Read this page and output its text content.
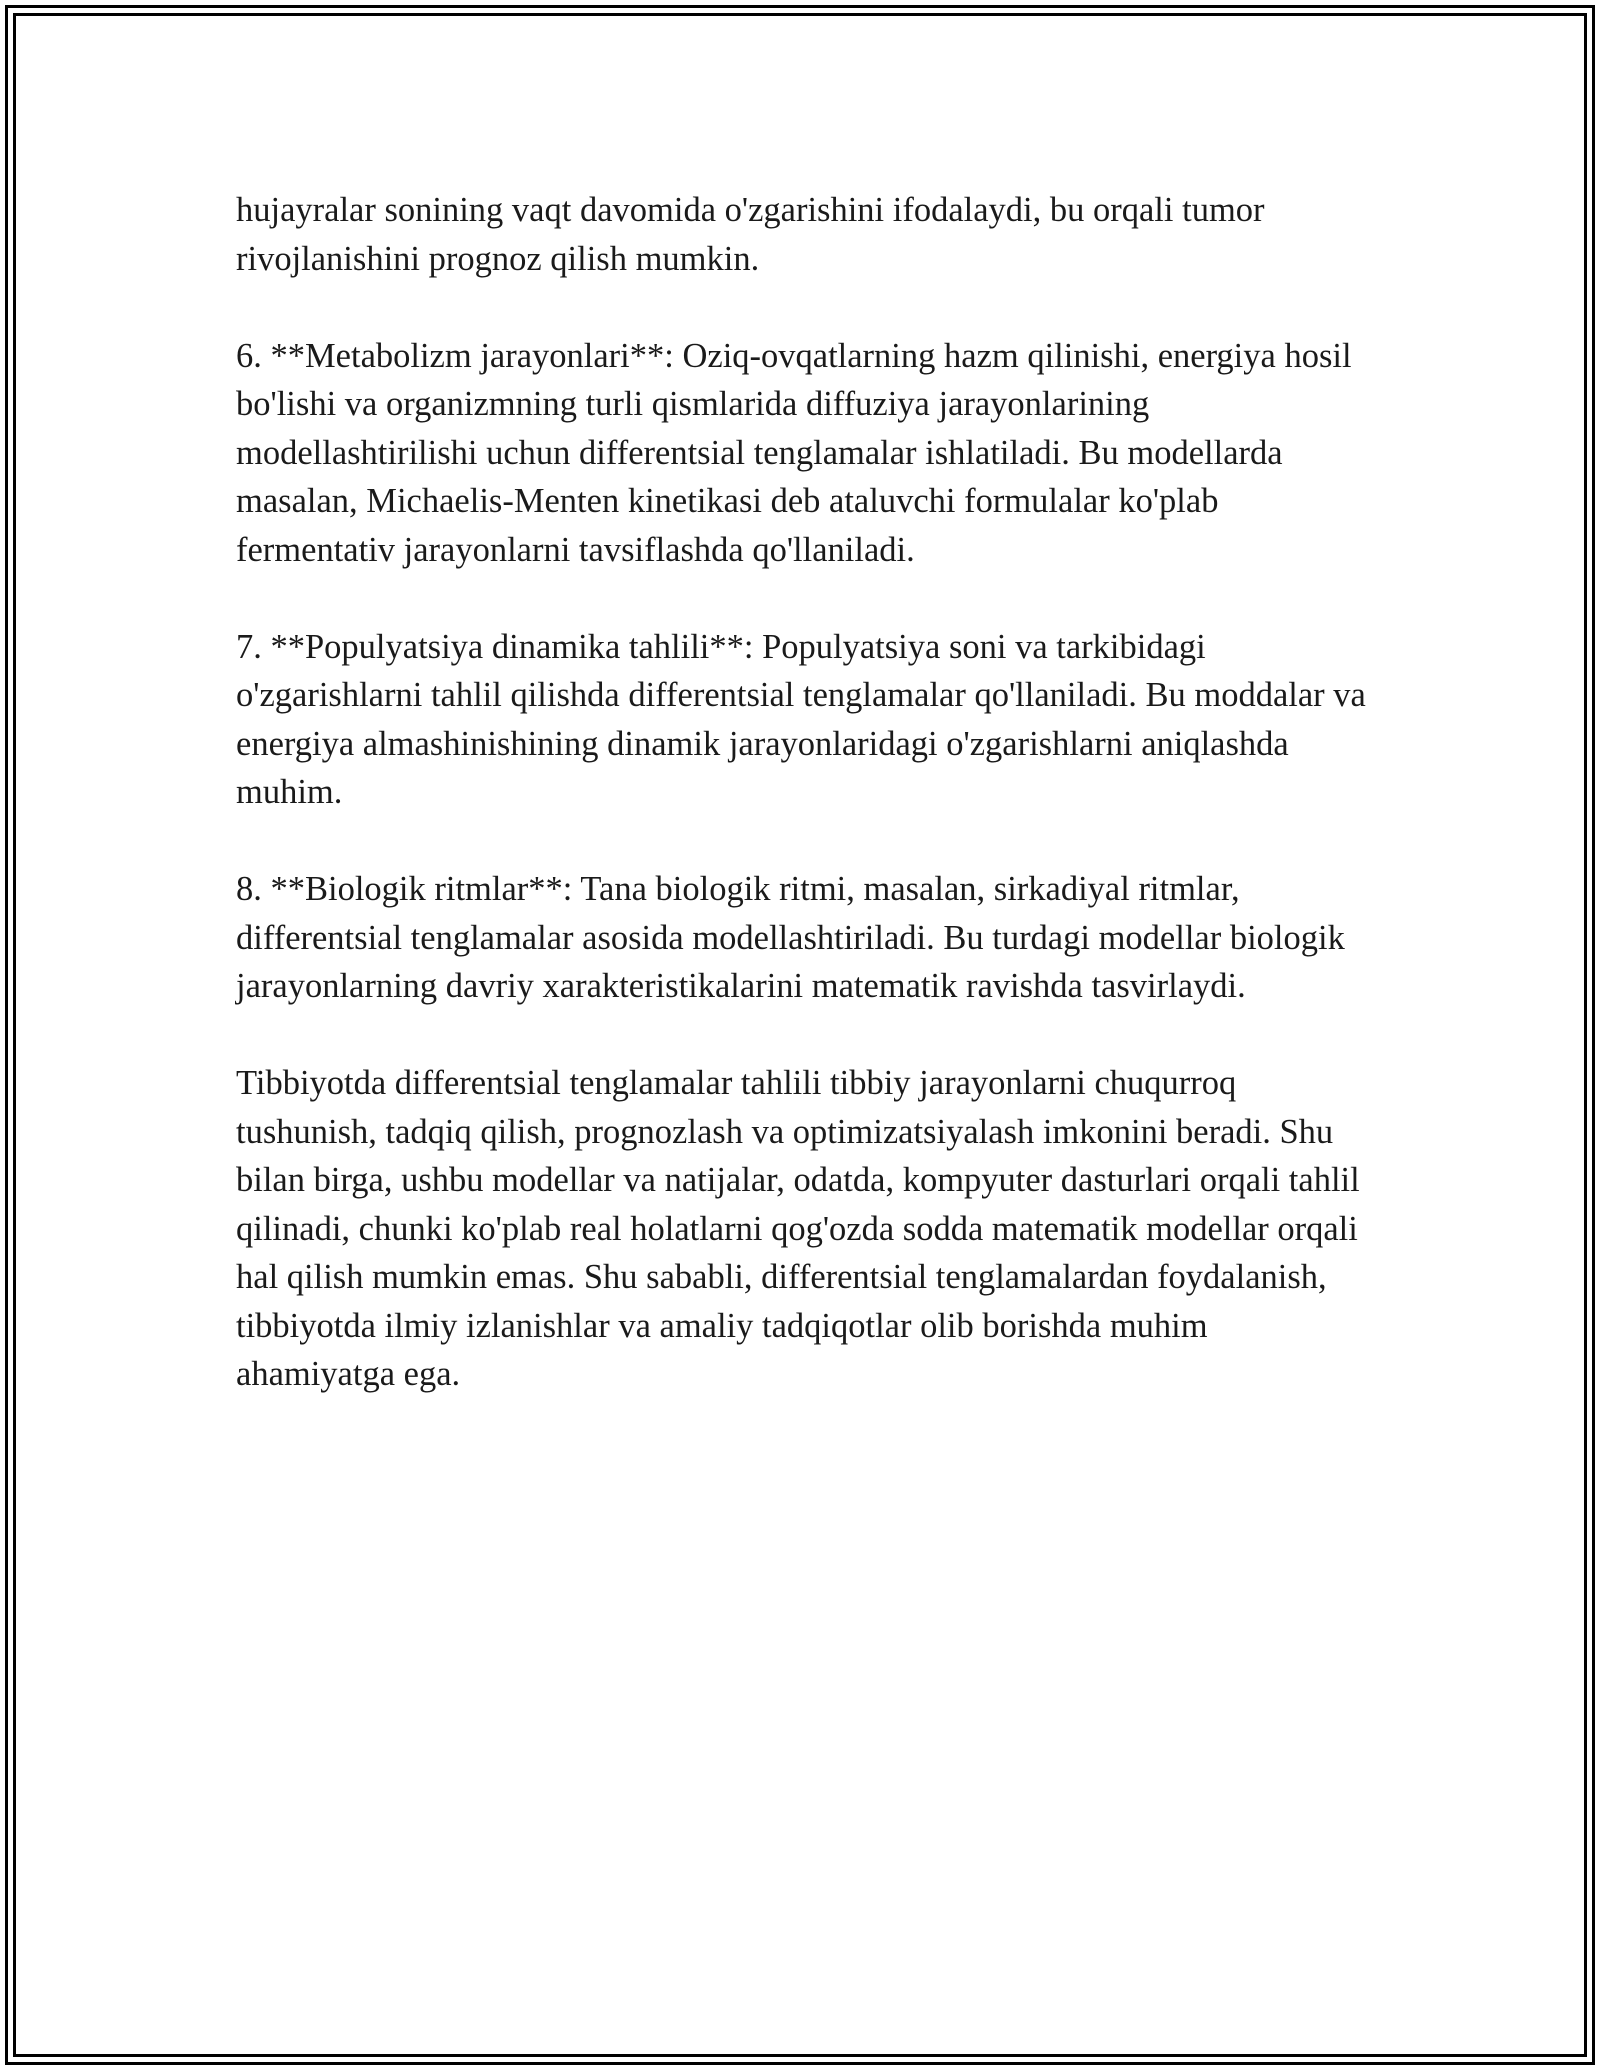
hujayralar sonining vaqt davomida o'zgarishini ifodalaydi, bu orqali tumor rivojlanishini prognoz qilish mumkin.

6. **Metabolizm jarayonlari**: Oziq-ovqatlarning hazm qilinishi, energiya hosil bo'lishi va organizmning turli qismlarida diffuziya jarayonlarining modellashtirilishi uchun differentsial tenglamalar ishlatiladi. Bu modellarda masalan, Michaelis-Menten kinetikasi deb ataluvchi formulalar ko'plab fermentativ jarayonlarni tavsiflashda qo'llaniladi.

7. **Populyatsiya dinamika tahlili**: Populyatsiya soni va tarkibidagi o'zgarishlarni tahlil qilishda differentsial tenglamalar qo'llaniladi. Bu moddalar va energiya almashinishining dinamik jarayonlaridagi o'zgarishlarni aniqlashda muhim.

8. **Biologik ritmlar**: Tana biologik ritmi, masalan, sirkadiyal ritmlar, differentsial tenglamalar asosida modellashtiriladi. Bu turdagi modellar biologik jarayonlarning davriy xarakteristikalarini matematik ravishda tasvirlaydi.

Tibbiyotda differentsial tenglamalar tahlili tibbiy jarayonlarni chuqurroq tushunish, tadqiq qilish, prognozlash va optimizatsiyalash imkonini beradi. Shu bilan birga, ushbu modellar va natijalar, odatda, kompyuter dasturlari orqali tahlil qilinadi, chunki ko'plab real holatlarni qog'ozda sodda matematik modellar orqali hal qilish mumkin emas. Shu sababli, differentsial tenglamalardan foydalanish, tibbiyotda ilmiy izlanishlar va amaliy tadqiqotlar olib borishda muhim ahamiyatga ega.
